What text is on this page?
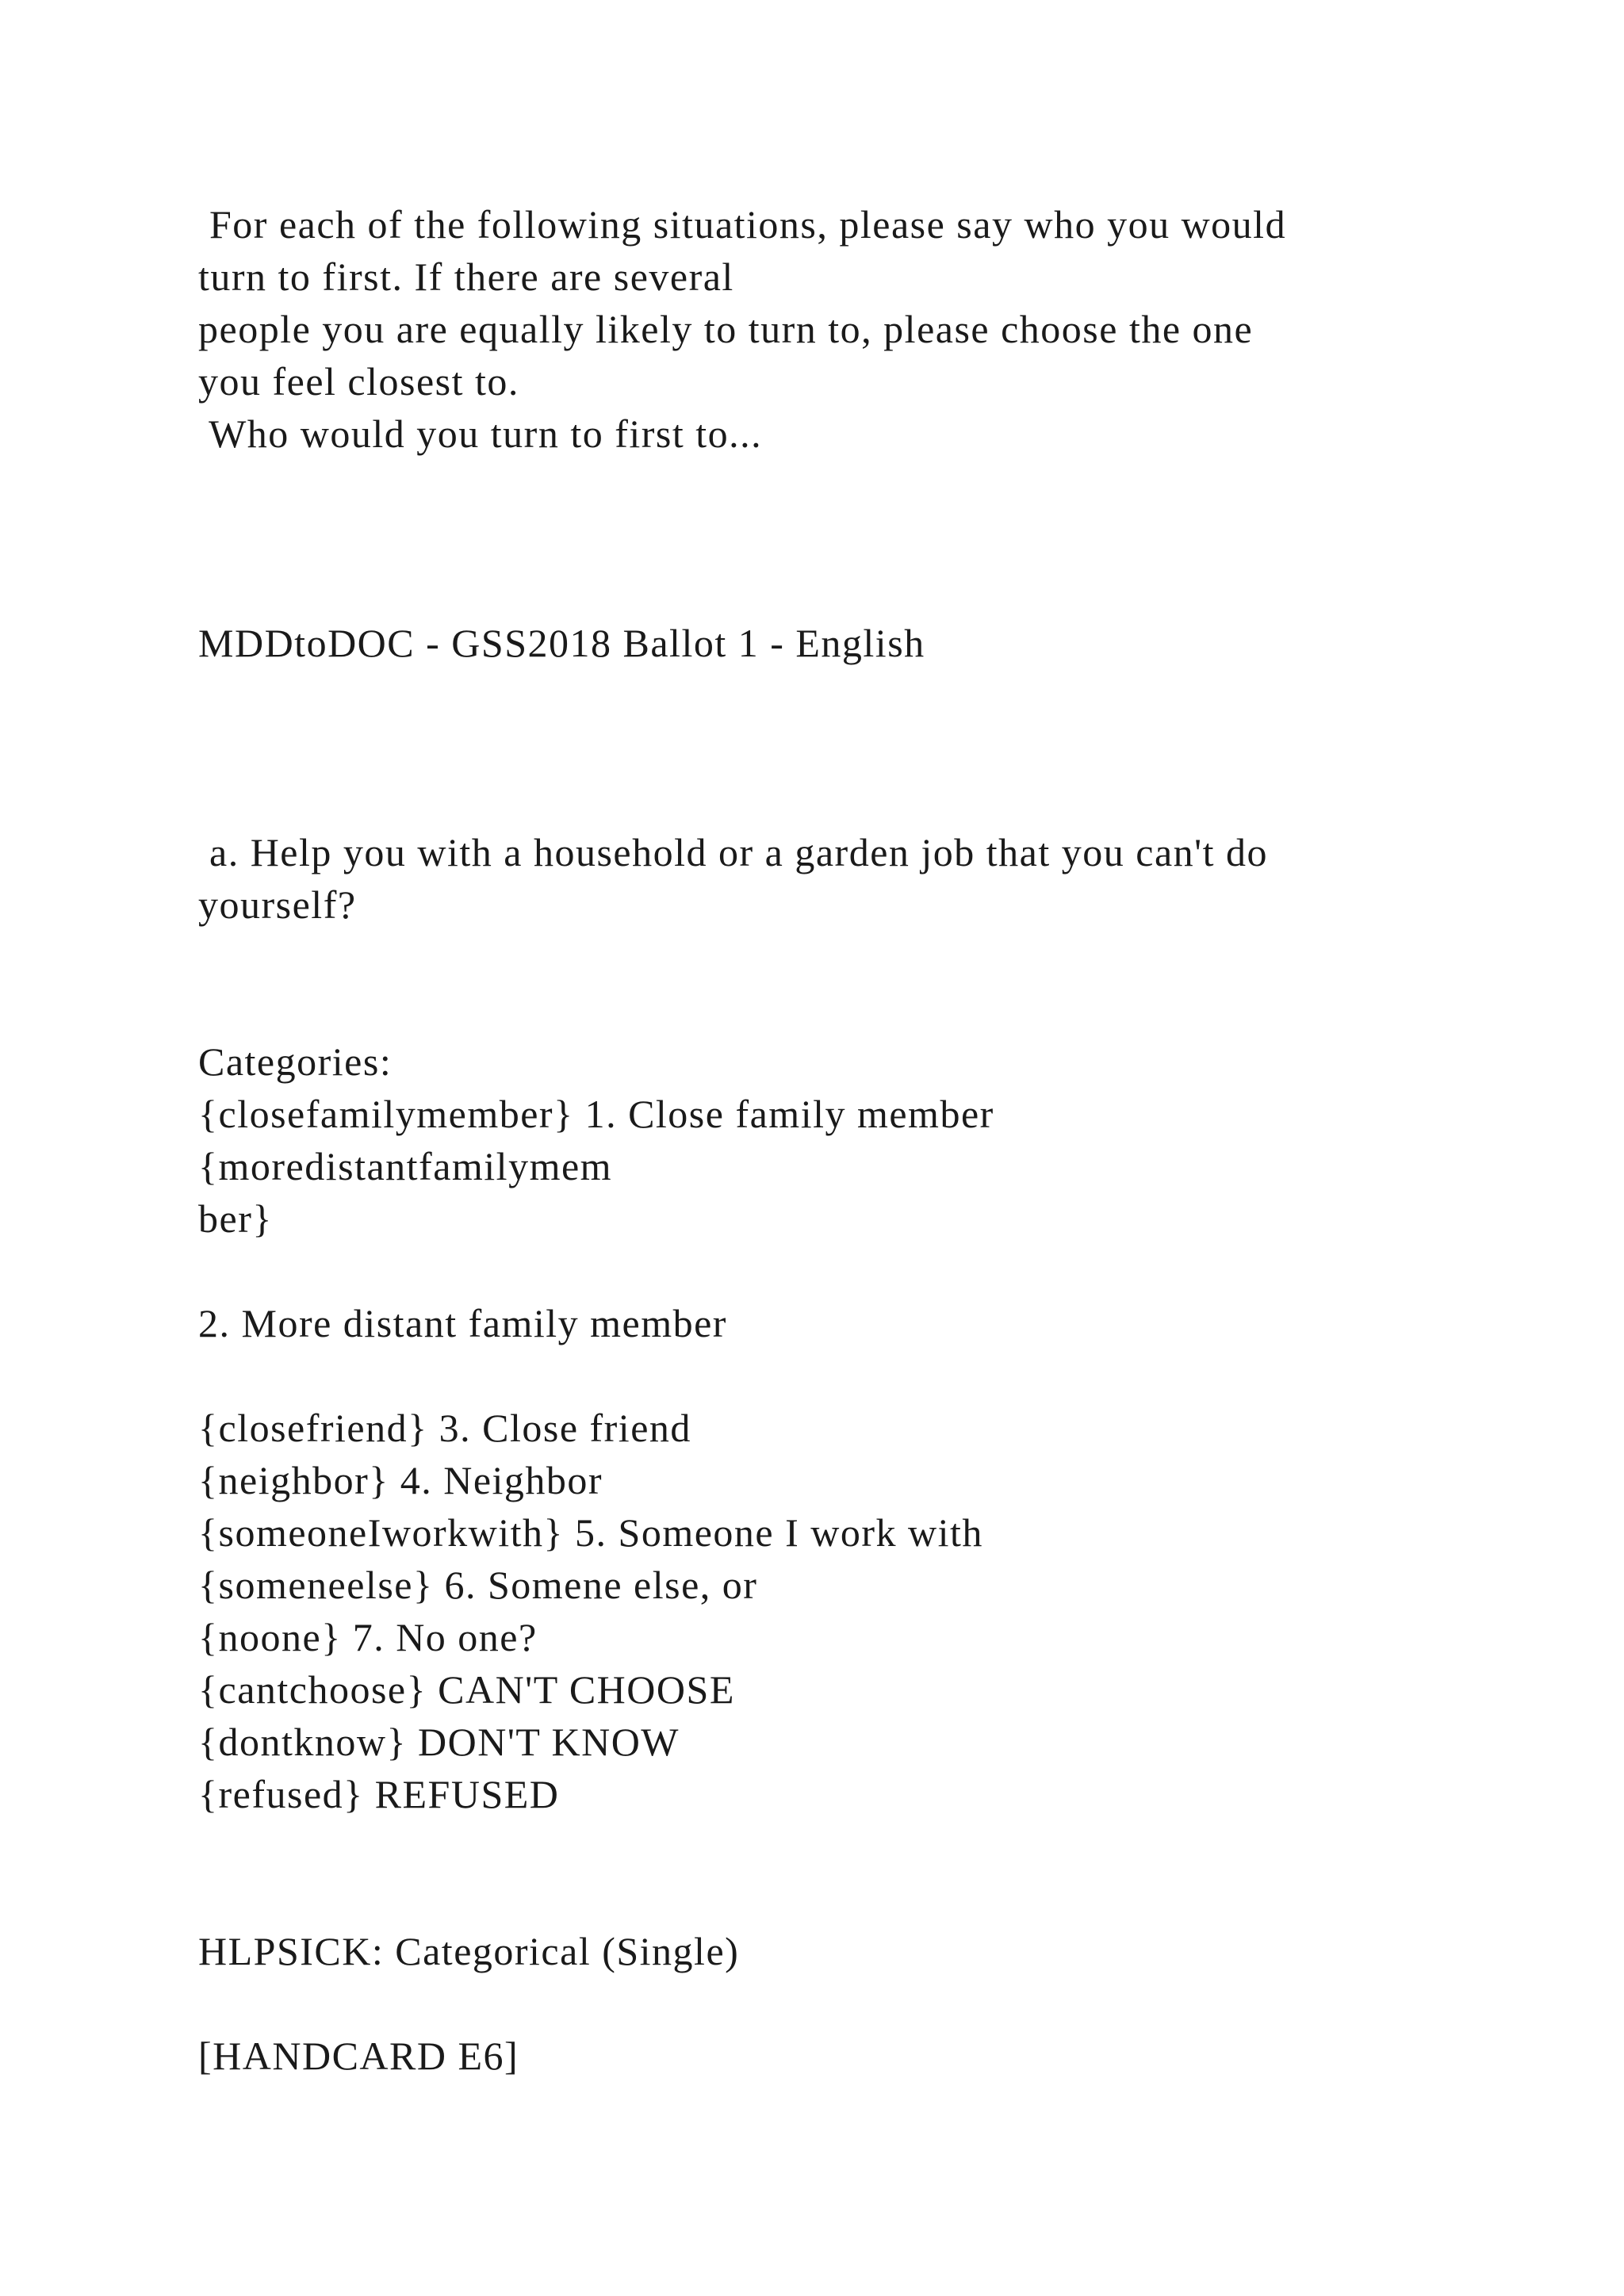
For each of the following situations, please say who you would
turn to first. If there are several
people you are equally likely to turn to, please choose the one
you feel closest to.
Who would you turn to first to...
MDDtoDOC - GSS2018 Ballot 1 - English
a. Help you with a household or a garden job that you can't do
yourself?
Categories:
{closefamilymember} 1. Close family member
{moredistantfamilymem
ber}
2. More distant family member
{closefriend} 3. Close friend
{neighbor} 4. Neighbor
{someoneIworkwith} 5. Someone I work with
{someneelse} 6. Somene else, or
{noone} 7. No one?
{cantchoose} CAN'T CHOOSE
{dontknow} DON'T KNOW
{refused} REFUSED
HLPSICK: Categorical (Single)
[HANDCARD E6]
